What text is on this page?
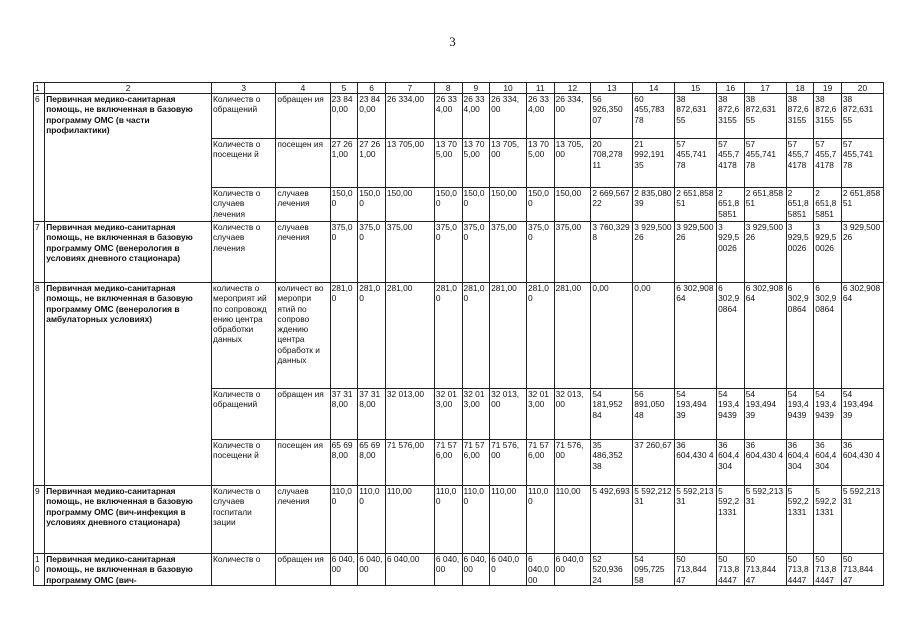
3
1	2	3	4	5	6	7	8	9	10	11	12	13	14	15	16	17	18	19	20
6	Первичная медико-санитарная помощь, не включенная в базовую программу ОМС (в части профилактики)	Количеств о обращений	обращен ия	23 84 0,00	23 84 0,00	26 334,00	26 33 4,00	26 33 4,00	26 334, 00	26 33 4,00	26 334, 00	56 926,350 07	60 455,783 78	38 872,631 55	38 872,6 3155	38 872,631 55	38 872,6 3155	38 872,6 3155	38 872,631 55
		Количеств о посещени й	посещен ия	27 26 1,00	27 26 1,00	13 705,00	13 70 5,00	13 70 5,00	13 705, 00	13 70 5,00	13 705, 00	20 708,278 11	21 992,191 35	57 455,741 78	57 455,7 4178	57 455,741 78	57 455,7 4178	57 455,7 4178	57 455,741 78
		Количеств о случаев лечения	случаев лечения	150,0 0	150,0 0	150,00	150,0 0	150,0 0	150,00	150,0 0	150,00	2 669,567 22	2 835,080 39	2 651,858 51	2 651,8 5851	2 651,858 51	2 651,8 5851	2 651,8 5851	2 651,858 51
7	Первичная медико-санитарная помощь, не включенная в базовую программу ОМС (венерология в условиях дневного стационара)	Количеств о случаев лечения	случаев лечения	375,0 0	375,0 0	375,00	375,0 0	375,0 0	375,00	375,0 0	375,00	3 760,329 8	3 929,500 26	3 929,500 26	3 929,5 0026	3 929,500 26	3 929,5 0026	3 929,5 0026	3 929,500 26
8	Первичная медико-санитарная помощь, не включенная в базовую программу ОМС (венерология в амбулаторных условиях)	количеств о мероприят ий по сопровожд ению центра обработки данных	количест во меропри ятий по сопрово ждению центра обработк и данных	281,0 0	281,0 0	281,00	281,0 0	281,0 0	281,00	281,0 0	281,00	0,00	0,00	6 302,908 64	6 302,9 0864	6 302,908 64	6 302,9 0864	6 302,9 0864	6 302,908 64
		Количеств о обращений	обращен ия	37 31 8,00	37 31 8,00	32 013,00	32 01 3,00	32 01 3,00	32 013, 00	32 01 3,00	32 013, 00	54 181,952 84	56 891,050 48	54 193,494 39	54 193,4 9439	54 193,494 39	54 193,4 9439	54 193,4 9439	54 193,494 39
		Количеств о посещени й	посещен ия	65 69 8,00	65 69 8,00	71 576,00	71 57 6,00	71 57 6,00	71 576, 00	71 57 6,00	71 576, 00	35 486,352 38	37 260,67	36 604,430 4	36 604,4 304	36 604,430 4	36 604,4 304	36 604,4 304	36 604,430 4
9	Первичная медико-санитарная помощь, не включенная в базовую программу ОМС (вич-инфекция в условиях дневного стационара)	Количеств о случаев госпитали зации	случаев лечения	110,0 0	110,0 0	110,00	110,0 0	110,0 0	110,00	110,0 0	110,00	5 492,693	5 592,212 31	5 592,213 31	5 592,2 1331	5 592,213 31	5 592,2 1331	5 592,2 1331	5 592,213 31
10	Первичная медико-санитарная помощь, не включенная в базовую программу ОМС (вич-	Количеств о	обращен ия	6 040, 00	6 040, 00	6 040,00	6 040, 00	6 040, 00	6 040,0 0	6 040,0 00	6 040,0 00	52 520,936 24	54 095,725 58	50 713,844 47	50 713,8 4447	50 713,844 47	50 713,8 4447	50 713,8 4447	50 713,844 47
